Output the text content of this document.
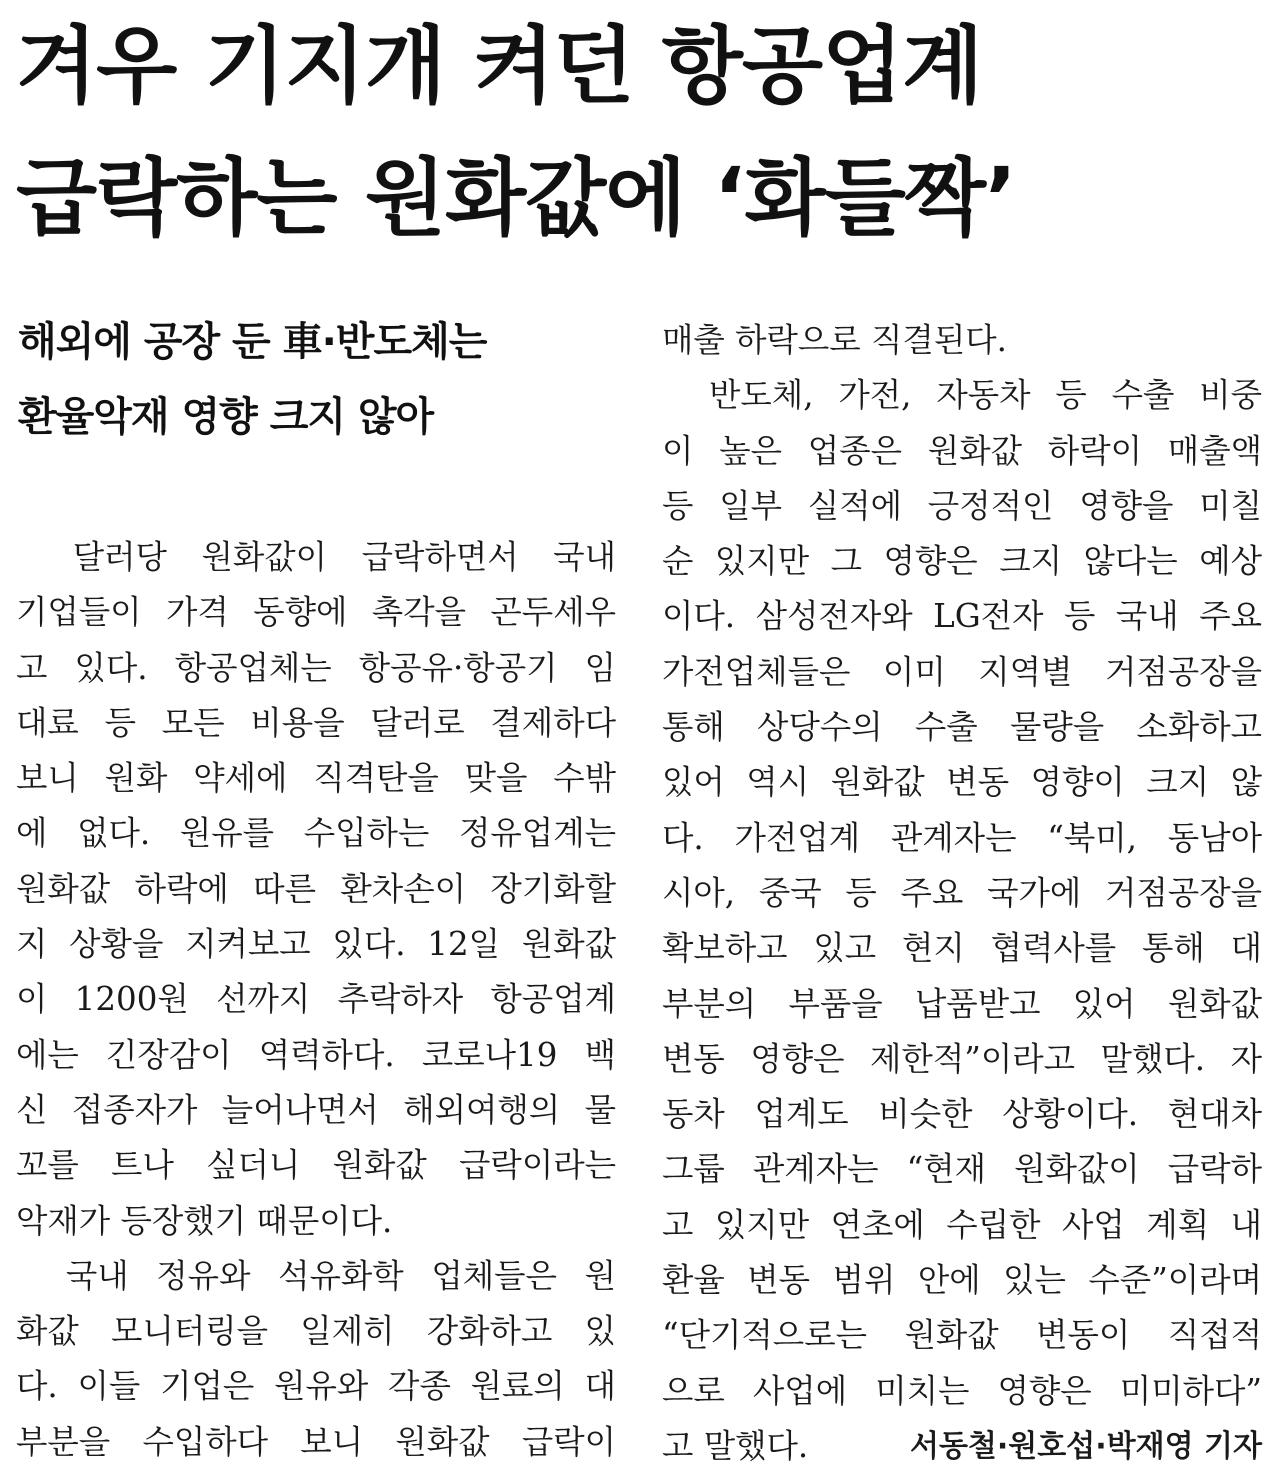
겨우 기지개 켜던 항공업계
급락하는 원화값에 ‘화들짝’
해외에 공장 둔 車·반도체는
환율악재 영향 크지 않아
　달러당 원화값이 급락하면서 국내
기업들이 가격 동향에 촉각을 곤두세우
고 있다. 항공업체는 항공유·항공기 임
대료 등 모든 비용을 달러로 결제하다
보니 원화 약세에 직격탄을 맞을 수밖
에 없다. 원유를 수입하는 정유업계는
원화값 하락에 따른 환차손이 장기화할
지 상황을 지켜보고 있다. 12일 원화값
이 1200원 선까지 추락하자 항공업계
에는 긴장감이 역력하다. 코로나19 백
신 접종자가 늘어나면서 해외여행의 물
꼬를 트나 싶더니 원화값 급락이라는
악재가 등장했기 때문이다.
　국내 정유와 석유화학 업체들은 원
화값 모니터링을 일제히 강화하고 있
다. 이들 기업은 원유와 각종 원료의 대
부분을 수입하다 보니 원화값 급락이
매출 하락으로 직결된다.
　반도체, 가전, 자동차 등 수출 비중
이 높은 업종은 원화값 하락이 매출액
등 일부 실적에 긍정적인 영향을 미칠
순 있지만 그 영향은 크지 않다는 예상
이다. 삼성전자와 LG전자 등 국내 주요
가전업체들은 이미 지역별 거점공장을
통해 상당수의 수출 물량을 소화하고
있어 역시 원화값 변동 영향이 크지 않
다. 가전업계 관계자는 “북미, 동남아
시아, 중국 등 주요 국가에 거점공장을
확보하고 있고 현지 협력사를 통해 대
부분의 부품을 납품받고 있어 원화값
변동 영향은 제한적”이라고 말했다. 자
동차 업계도 비슷한 상황이다. 현대차
그룹 관계자는 “현재 원화값이 급락하
고 있지만 연초에 수립한 사업 계획 내
환율 변동 범위 안에 있는 수준”이라며
“단기적으로는 원화값 변동이 직접적
으로 사업에 미치는 영향은 미미하다”
고 말했다.	서동철·원호섭·박재영 기자
